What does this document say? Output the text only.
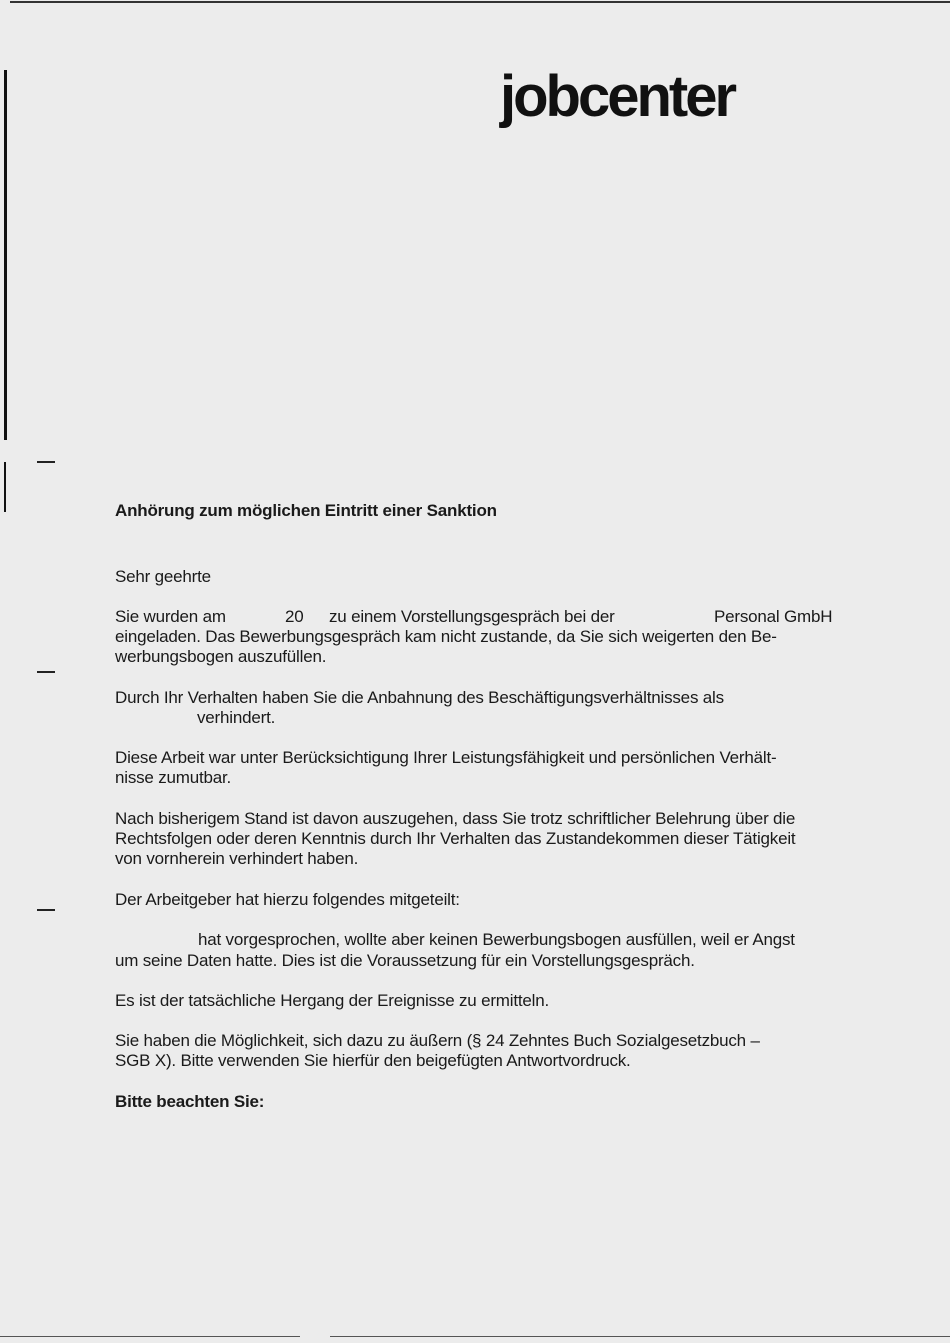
jobcenter
Anhörung zum möglichen Eintritt einer Sanktion
Sehr geehrte
Sie wurden am	20 zu einem Vorstellungsgespräch bei der	Personal GmbH
eingeladen. Das Bewerbungsgespräch kam nicht zustande, da Sie sich weigerten den Be-
werbungsbogen auszufüllen.
Durch Ihr Verhalten haben Sie die Anbahnung des Beschäftigungsverhältnisses als
verhindert.
Diese Arbeit war unter Berücksichtigung Ihrer Leistungsfähigkeit und persönlichen Verhält-
nisse zumutbar.
Nach bisherigem Stand ist davon auszugehen, dass Sie trotz schriftlicher Belehrung über die
Rechtsfolgen oder deren Kenntnis durch Ihr Verhalten das Zustandekommen dieser Tätigkeit
von vornherein verhindert haben.
Der Arbeitgeber hat hierzu folgendes mitgeteilt:
hat vorgesprochen, wollte aber keinen Bewerbungsbogen ausfüllen, weil er Angst
um seine Daten hatte. Dies ist die Voraussetzung für ein Vorstellungsgespräch.
Es ist der tatsächliche Hergang der Ereignisse zu ermitteln.
Sie haben die Möglichkeit, sich dazu zu äußern (§ 24 Zehntes Buch Sozialgesetzbuch –
SGB X). Bitte verwenden Sie hierfür den beigefügten Antwortvordruck.
Bitte beachten Sie:
